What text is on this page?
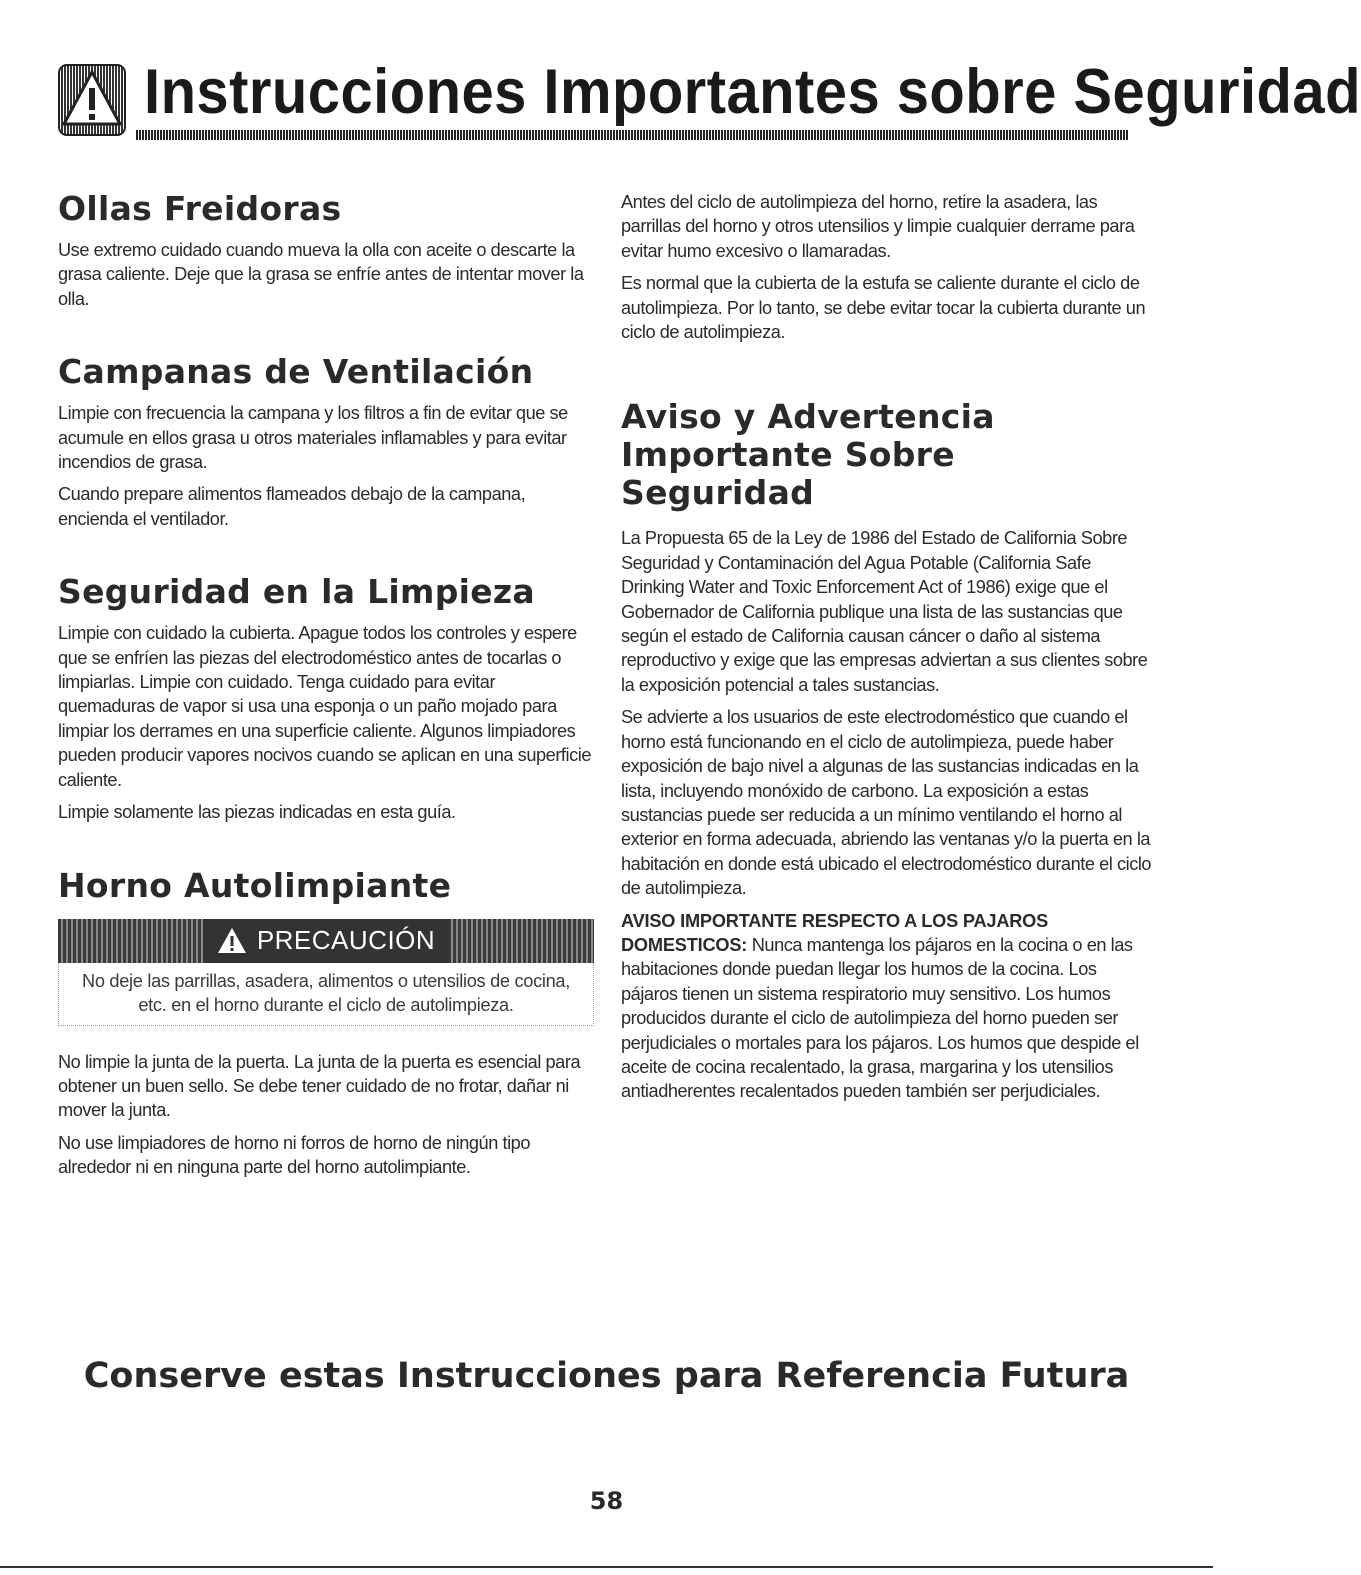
Instrucciones Importantes sobre Seguridad
Ollas Freidoras

Use extremo cuidado cuando mueva la olla con aceite o descarte la grasa caliente. Deje que la grasa se enfríe antes de intentar mover la olla.

Campanas de Ventilación

Limpie con frecuencia la campana y los filtros a fin de evitar que se acumule en ellos grasa u otros materiales inflamables y para evitar incendios de grasa.

Cuando prepare alimentos flameados debajo de la campana, encienda el ventilador.

Seguridad en la Limpieza

Limpie con cuidado la cubierta. Apague todos los controles y espere que se enfríen las piezas del electrodoméstico antes de tocarlas o limpiarlas. Limpie con cuidado. Tenga cuidado para evitar quemaduras de vapor si usa una esponja o un paño mojado para limpiar los derrames en una superficie caliente. Algunos limpiadores pueden producir vapores nocivos cuando se aplican en una superficie caliente.

Limpie solamente las piezas indicadas en esta guía.

Horno Autolimpiante
PRECAUCIÓN
No deje las parrillas, asadera, alimentos o utensilios de cocina, etc. en el horno durante el ciclo de autolimpieza.

No limpie la junta de la puerta. La junta de la puerta es esencial para obtener un buen sello. Se debe tener cuidado de no frotar, dañar ni mover la junta.

No use limpiadores de horno ni forros de horno de ningún tipo alrededor ni en ninguna parte del horno autolimpiante.

Antes del ciclo de autolimpieza del horno, retire la asadera, las parrillas del horno y otros utensilios y limpie cualquier derrame para evitar humo excesivo o llamaradas.

Es normal que la cubierta de la estufa se caliente durante el ciclo de autolimpieza. Por lo tanto, se debe evitar tocar la cubierta durante un ciclo de autolimpieza.

Aviso y Advertencia
Importante Sobre Seguridad

La Propuesta 65 de la Ley de 1986 del Estado de California Sobre Seguridad y Contaminación del Agua Potable (California Safe Drinking Water and Toxic Enforcement Act of 1986) exige que el Gobernador de California publique una lista de las sustancias que según el estado de California causan cáncer o daño al sistema reproductivo y exige que las empresas adviertan a sus clientes sobre la exposición potencial a tales sustancias.

Se advierte a los usuarios de este electrodoméstico que cuando el horno está funcionando en el ciclo de autolimpieza, puede haber exposición de bajo nivel a algunas de las sustancias indicadas en la lista, incluyendo monóxido de carbono. La exposición a estas sustancias puede ser reducida a un mínimo ventilando el horno al exterior en forma adecuada, abriendo las ventanas y/o la puerta en la habitación en donde está ubicado el electrodoméstico durante el ciclo de autolimpieza.

AVISO IMPORTANTE RESPECTO A LOS PAJAROS DOMESTICOS: Nunca mantenga los pájaros en la cocina o en las habitaciones donde puedan llegar los humos de la cocina. Los pájaros tienen un sistema respiratorio muy sensitivo. Los humos producidos durante el ciclo de autolimpieza del horno pueden ser perjudiciales o mortales para los pájaros. Los humos que despide el aceite de cocina recalentado, la grasa, margarina y los utensilios antiadherentes recalentados pueden también ser perjudiciales.

Conserve estas Instrucciones para Referencia Futura
58
